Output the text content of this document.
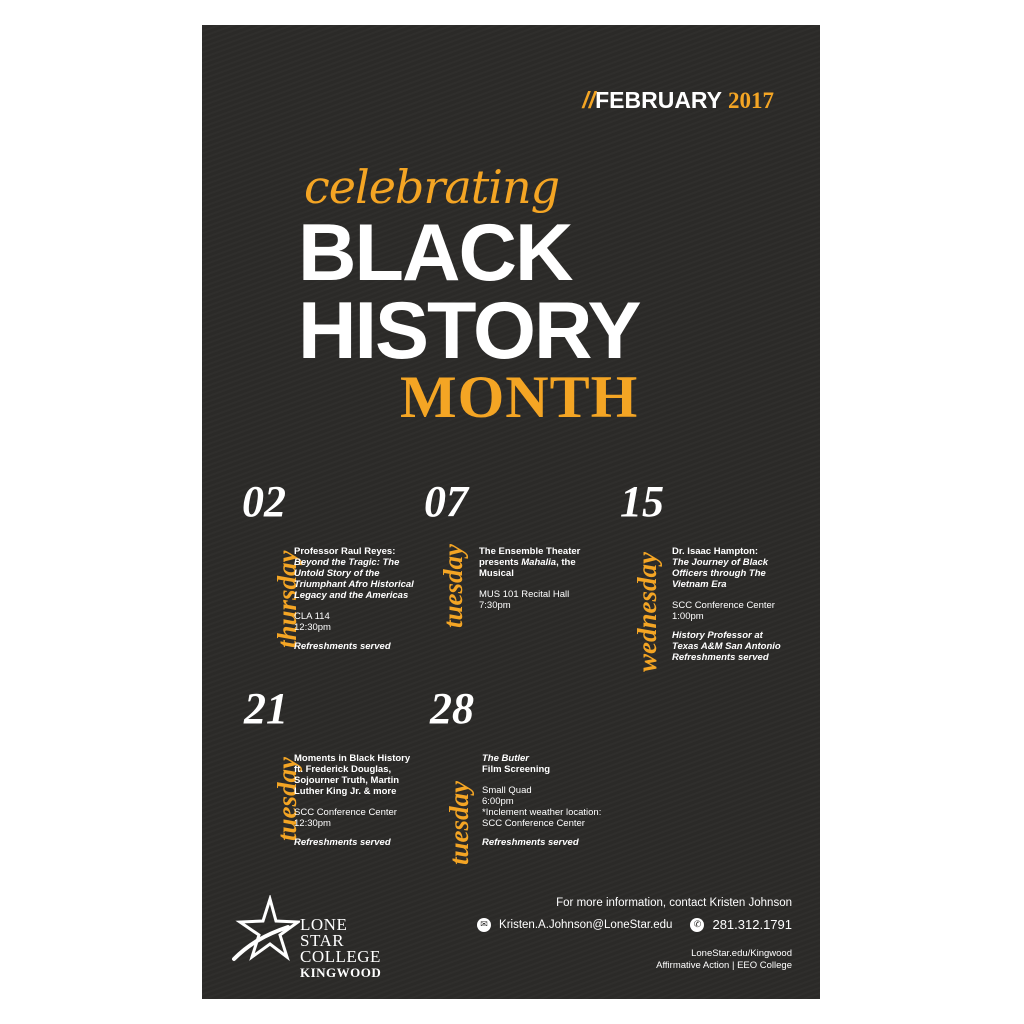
//FEBRUARY 2017
celebrating
BLACK
HISTORY
MONTH
02
thursday
Professor Raul Reyes:
Beyond the Tragic: The Untold Story of the Triumphant Afro Historical Legacy and the Americas
CLA 114
12:30pm
Refreshments served
07
tuesday The Ensemble Theater presents Mahalia, the Musical
MUS 101 Recital Hall
7:30pm
15
wednesday
Dr. Isaac Hampton:
The Journey of Black Officers through The Vietnam Era
SCC Conference Center
1:00pm
History Professor at Texas A&M San Antonio
Refreshments served
21
tuesday
Moments in Black History ft. Frederick Douglas, Sojourner Truth, Martin Luther King Jr. & more
SCC Conference Center
12:30pm
Refreshments served
28
tuesday
The Butler
Film Screening
Small Quad
6:00pm
*Inclement weather location: SCC Conference Center
Refreshments served
LONE STAR
COLLEGE
KINGWOOD
For more information, contact Kristen Johnson
✉ Kristen.A.Johnson@LoneStar.edu	✆ 281.312.1791
LoneStar.edu/Kingwood
Affirmative Action | EEO College
